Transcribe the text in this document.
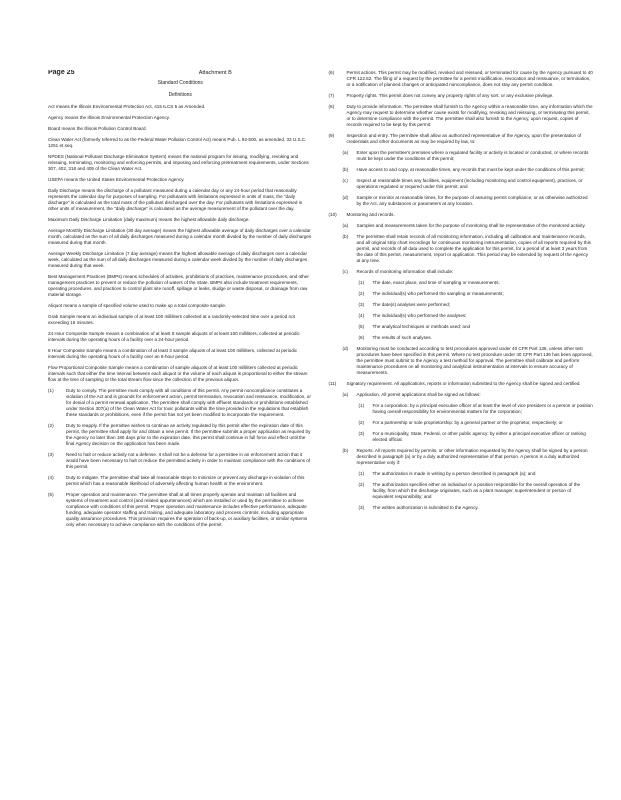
Page 25	Attachment B
Standard Conditions
Definitions

Act means the Illinois Environmental Protection Act, 415 ILCS 5 as Amended.

Agency means the Illinois Environmental Protection Agency.

Board means the Illinois Pollution Control Board.

Clean Water Act (formerly referred to as the Federal Water Pollution Control Act) means Pub. L 92-500, as amended. 33 U.S.C. 1251 et seq.

NPDES (National Pollutant Discharge Elimination System) means the national program for issuing, modifying, revoking and reissuing, terminating, monitoring and enforcing permits, and imposing and enforcing pretreatment requirements, under Sections 307, 402, 318 and 405 of the Clean Water Act.

USEPA means the United States Environmental Protection Agency.

Daily Discharge means the discharge of a pollutant measured during a calendar day or any 24-hour period that reasonably represents the calendar day for purposes of sampling. For pollutants with limitations expressed in units of mass, the "daily discharge" is calculated as the total mass of the pollutant discharged over the day. For pollutants with limitations expressed in other units of measurement, the "daily discharge" is calculated as the average measurement of the pollutant over the day.

Maximum Daily Discharge Limitation (daily maximum) means the highest allowable daily discharge.

Average Monthly Discharge Limitation (30 day average) means the highest allowable average of daily discharges over a calendar month, calculated as the sum of all daily discharges measured during a calendar month divided by the number of daily discharges measured during that month.

Average Weekly Discharge Limitation (7 day average) means the highest allowable average of daily discharges over a calendar week, calculated as the sum of all daily discharges measured during a calendar week divided by the number of daily discharges measured during that week.

Best Management Practices (BMPs) means schedules of activities, prohibitions of practices, maintenance procedures, and other management practices to prevent or reduce the pollution of waters of the State. BMPs also include treatment requirements, operating procedures, and practices to control plant site runoff, spillage or leaks, sludge or waste disposal, or drainage from raw material storage.

Aliquot means a sample of specified volume used to make up a total composite sample.

Grab Sample means an individual sample of at least 100 milliliters collected at a randomly-selected time over a period not exceeding 15 minutes.

24 Hour Composite Sample means a combination of at least 8 sample aliquots of at least 100 milliliters, collected at periodic intervals during the operating hours of a facility over a 24-hour period.

8 Hour Composite Sample means a combination of at least 3 sample aliquots of at least 100 milliliters, collected at periodic intervals during the operating hours of a facility over an 8-hour period.

Flow Proportional Composite Sample means a combination of sample aliquots of at least 100 milliliters collected at periodic intervals such that either the time interval between each aliquot or the volume of each aliquot is proportional to either the stream flow at the time of sampling or the total stream flow since the collection of the previous aliquot.

(1)	Duty to comply. The permittee must comply with all conditions of this permit. Any permit noncompliance constitutes a violation of the Act and is grounds for enforcement action, permit termination, revocation and reissuance, modification, or for denial of a permit renewal application. The permittee shall comply with effluent standards or prohibitions established under Section 307(a) of the Clean Water Act for toxic pollutants within the time provided in the regulations that establish these standards or prohibitions, even if the permit has not yet been modified to incorporate the requirement.
(2)	Duty to reapply. If the permittee wishes to continue an activity regulated by this permit after the expiration date of this permit, the permittee shall apply for and obtain a new permit. If the permittee submits a proper application as required by the Agency no later than 180 days prior to the expiration date, this permit shall continue in full force and effect until the final Agency decision on the application has been made.
(3)	Need to halt or reduce activity not a defense. It shall not be a defense for a permittee in an enforcement action that it would have been necessary to halt or reduce the permitted activity in order to maintain compliance with the conditions of this permit.
(4)	Duty to mitigate. The permittee shall take all reasonable steps to minimize or prevent any discharge in violation of this permit which has a reasonable likelihood of adversely affecting human health or the environment.
(5)	Proper operation and maintenance. The permittee shall at all times properly operate and maintain all facilities and systems of treatment and control (and related appurtenances) which are installed or used by the permittee to achieve compliance with conditions of this permit. Proper operation and maintenance includes effective performance, adequate funding, adequate operator staffing and training, and adequate laboratory and process controls, including appropriate quality assurance procedures. This provision requires the operation of back-up, or auxiliary facilities, or similar systems only when necessary to achieve compliance with the conditions of the permit.
(6)	Permit actions. This permit may be modified, revoked and reissued, or terminated for cause by the Agency pursuant to 40 CFR 122.62. The filing of a request by the permittee for a permit modification, revocation and reissuance, or termination, or a notification of planned changes or anticipated noncompliance, does not stay any permit condition.
(7)	Property rights. This permit does not convey any property rights of any sort, or any exclusive privilege.
(8)	Duty to provide information. The permittee shall furnish to the Agency within a reasonable time, any information which the Agency may request to determine whether cause exists for modifying, revoking and reissuing, or terminating this permit, or to determine compliance with the permit. The permittee shall also furnish to the Agency, upon request, copies of records required to be kept by this permit.
(9)	Inspection and entry. The permittee shall allow an authorized representative of the Agency, upon the presentation of credentials and other documents as may be required by law, to:
(a)	Enter upon the permittee's premises where a regulated facility or activity is located or conducted, or where records must be kept under the conditions of this permit;
(b)	Have access to and copy, at reasonable times, any records that must be kept under the conditions of this permit;
(c)	Inspect at reasonable times any facilities, equipment (including monitoring and control equipment), practices, or operations regulated or required under this permit; and
(d)	Sample or monitor at reasonable times, for the purpose of assuring permit compliance, or as otherwise authorized by the Act, any substances or parameters at any location.
(10)	Monitoring and records.
(a)	Samples and measurements taken for the purpose of monitoring shall be representative of the monitored activity.
(b)	The permittee shall retain records of all monitoring information, including all calibration and maintenance records, and all original strip chart recordings for continuous monitoring instrumentation, copies of all reports required by this permit, and records of all data used to complete the application for this permit, for a period of at least 3 years from the date of this permit, measurement, report or application. This period may be extended by request of the Agency at any time.
(c)	Records of monitoring information shall include:
(1)	The date, exact place, and time of sampling or measurements;
(2)	The individual(s) who performed the sampling or measurements;
(3)	The date(s) analyses were performed;
(4)	The individual(s) who performed the analyses;
(5)	The analytical techniques or methods used; and
(6)	The results of such analyses.
(d)	Monitoring must be conducted according to test procedures approved under 40 CFR Part 136, unless other test procedures have been specified in this permit. Where no test procedure under 40 CFR Part 136 has been approved, the permittee must submit to the Agency a test method for approval. The permittee shall calibrate and perform maintenance procedures on all monitoring and analytical instrumentation at intervals to ensure accuracy of measurements.
(11)	Signatory requirement. All applications, reports or information submitted to the Agency shall be signed and certified.
(a)	Application. All permit applications shall be signed as follows:
(1)	For a corporation: by a principal executive officer of at least the level of vice president or a person or position having overall responsibility for environmental matters for the corporation;
(2)	For a partnership or sole proprietorship: by a general partner or the proprietor, respectively; or
(3)	For a municipality, State, Federal, or other public agency: by either a principal executive officer or ranking elected official.
(b)	Reports. All reports required by permits, or other information requested by the Agency shall be signed by a person described in paragraph (a) or by a duly authorized representative of that person. A person is a duly authorized representative only if:
(1)	The authorization is made in writing by a person described in paragraph (a); and
(2)	The authorization specifies either an individual or a position responsible for the overall operation of the facility, from which the discharge originates, such as a plant manager, superintendent or person of equivalent responsibility; and
(3)	The written authorization is submitted to the Agency.
